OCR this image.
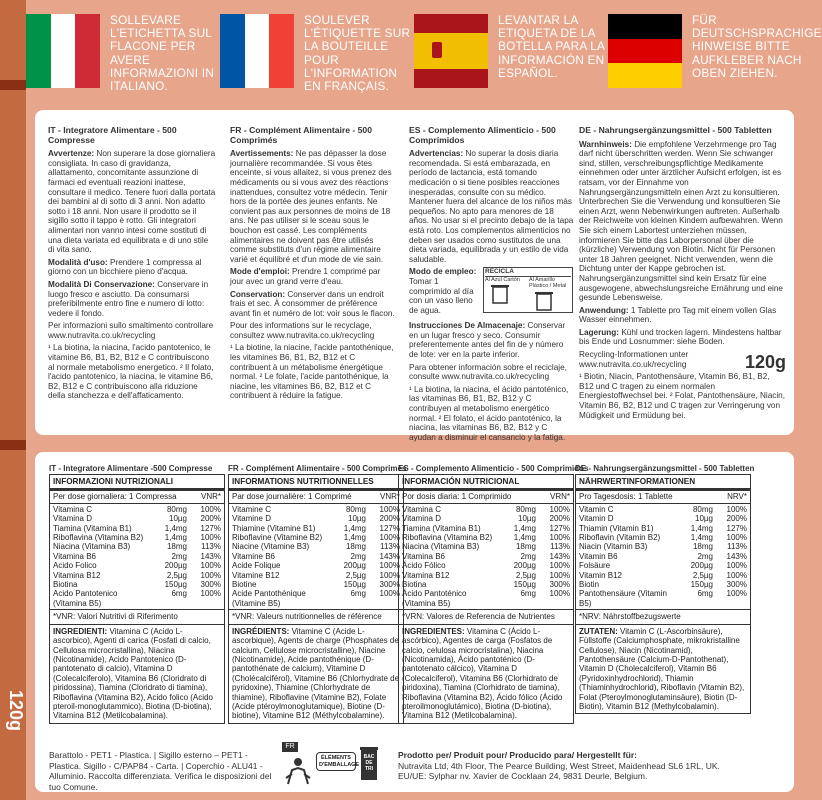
120g
SOLLEVARE L'ETICHETTA SUL FLACONE PER AVERE INFORMAZIONI IN ITALIANO.
SOULEVER L'ÉTIQUETTE SUR LA BOUTEILLE POUR L'INFORMATION EN FRANÇAIS.
LEVANTAR LA ETIQUETA DE LA BOTELLA PARA LA INFORMACIÓN EN ESPAÑOL.
FÜR DEUTSCHSPRACHIGE HINWEISE BITTE AUFKLEBER NACH OBEN ZIEHEN.

IT - Integratore Alimentare - 500 Compresse

Avvertenze: Non superare la dose giornaliera consigliata. In caso di gravidanza, allattamento, concomitante assunzione di farmaci ed eventuali reazioni inattese, consultare il medico. Tenere fuori dalla portata dei bambini al di sotto di 3 anni. Non adatto sotto i 18 anni. Non usare il prodotto se il sigillo sotto il tappo è rotto. Gli integratori alimentari non vanno intesi come sostituti di una dieta variata ed equilibrata e di uno stile di vita sano.

Modalità d'uso: Prendere 1 compressa al giorno con un bicchiere pieno d'acqua.

Modalità Di Conservazione: Conservare in luogo fresco e asciutto. Da consumarsi preferibilmente entro fine e numero di lotto: vedere il fondo.

Per informazioni sullo smaltimento controllare www.nutravita.co.uk/recycling

¹ La biotina, la niacina, l'acido pantotenico, le vitamine B6, B1, B2, B12 e C contribuiscono al normale metabolismo energetico. ² Il folato, l'acido pantotenico, la niacina, le vitamine B6, B2, B12 e C contribuiscono alla riduzione della stanchezza e dell'affaticamento.

FR - Complément Alimentaire - 500 Comprimés

Avertissements: Ne pas dépasser la dose journalière recommandée. Si vous êtes enceinte, si vous allaitez, si vous prenez des médicaments ou si vous avez des réactions inattendues, consultez votre médecin. Tenir hors de la portée des jeunes enfants. Ne convient pas aux personnes de moins de 18 ans. Ne pas utiliser si le sceau sous le bouchon est cassé. Les compléments alimentaires ne doivent pas être utilisés comme substituts d'un régime alimentaire varié et équilibré et d'un mode de vie sain.

Mode d'emploi: Prendre 1 comprimé par jour avec un grand verre d'eau.

Conservation: Conserver dans un endroit frais et sec. À consommer de préférence avant fin et numéro de lot: voir sous le flacon.

Pour des informations sur le recyclage, consultez www.nutravita.co.uk/recycling

¹ La biotine, la niacine, l'acide pantothénique, les vitamines B6, B1, B2, B12 et C contribuent à un métabolisme énergétique normal. ² Le folate, l'acide pantothénique, la niacine, les vitamines B6, B2, B12 et C contribuent à réduire la fatigue.

ES - Complemento Alimenticio - 500 Comprimidos

Advertencias: No superar la dosis diaria recomendada. Si está embarazada, en período de lactancia, está tomando medicación o si tiene posibles reacciones inesperadas, consulte con su médico. Mantener fuera del alcance de los niños más pequeños. No apto para menores de 18 años. No usar si el precinto debajo de la tapa está roto. Los complementos alimenticios no deben ser usados como sustitutos de una dieta variada, equilibrada y un estilo de vida saludable.

Modo de empleo: Tomar 1 comprimido al día con un vaso lleno de agua.

RECICLA
Al Azul Cartón	Al Amarillo Plástico / Metal

Instrucciones De Almacenaje: Conservar en un lugar fresco y seco. Consumir preferentemente antes del fin de y número de lote: ver en la parte inferior.

Para obtener información sobre el reciclaje, consulte www.nutravita.co.uk/recycling

¹ La biotina, la niacina, el ácido pantoténico, las vitaminas B6, B1, B2, B12 y C contribuyen al metabolismo energético normal. ² El folato, el ácido pantoténico, la niacina, las vitaminas B6, B2, B12 y C ayudan a disminuir el cansancio y la fatiga.

DE - Nahrungsergänzungsmittel - 500 Tabletten

Warnhinweis: Die empfohlene Verzehrmenge pro Tag darf nicht überschritten werden. Wenn Sie schwanger sind, stillen, verschreibungspflichtige Medikamente einnehmen oder unter ärztlicher Aufsicht erfolgen, ist es ratsam, vor der Einnahme von Nahrungsergänzungsmitteln einen Arzt zu konsultieren. Unterbrechen Sie die Verwendung und konsultieren Sie einen Arzt, wenn Nebenwirkungen auftreten. Außerhalb der Reichweite von kleinen Kindern aufbewahren. Wenn Sie sich einem Labortest unterziehen müssen, informieren Sie bitte das Laborpersonal über die (kürzliche) Verwendung von Biotin. Nicht für Personen unter 18 Jahren geeignet. Nicht verwenden, wenn die Dichtung unter der Kappe gebrochen ist. Nahrungsergänzungsmittel sind kein Ersatz für eine ausgewogene, abwechslungsreiche Ernährung und eine gesunde Lebensweise.

Anwendung: 1 Tablette pro Tag mit einem vollen Glas Wasser einnehmen.

Lagerung: Kühl und trocken lagern. Mindestens haltbar bis Ende und Losnummer: siehe Boden.

Recycling-Informationen unter www.nutravita.co.uk/recycling	120g

¹ Biotin, Niacin, Pantothensäure, Vitamin B6, B1, B2, B12 und C tragen zu einem normalen Energiestoffwechsel bei. ² Folat, Pantothensäure, Niacin, Vitamin B6, B2, B12 und C tragen zur Verringerung von Müdigkeit und Ermüdung bei.

IT - Integratore Alimentare -500 Compresse FR - Complément Alimentaire - 500 Comprimés
ES - Complemento Alimenticio - 500 Comprimidos
DE - Nahrungsergänzungsmittel - 500 Tabletten
INFORMAZIONI NUTRIZIONALI
Per dose giornaliera: 1 Compressa	VNR*
Vitamina C	80mg	100%
Vitamina D	10µg	200%
Tiamina (Vitamina B1)	1,4mg	127%
Riboflavina (Vitamina B2)	1,4mg	100%
Niacina (Vitamina B3)	18mg	113%
Vitamina B6	2mg	143%
Acido Folico	200µg	100%
Vitamina B12	2,5µg	100%
Biotina	150µg	300%
Acido Pantotenico (Vitamina B5)
6mg	100%
*VNR: Valori Nutritivi di Riferimento
INGREDIENTI: Vitamina C (Acido L-ascorbico), Agenti di carica (Fosfati di calcio, Cellulosa microcristallina), Niacina (Nicotinamide), Acido Pantotenico (D-pantotenato di calcio), Vitamina D (Colecalciferolo), Vitamina B6 (Cloridrato di piridossina), Tiamina (Cloridrato di tiamina), Riboflavina (Vitamina B2), Acido folico (Acido pteroil-monoglutammico), Biotina (D-biotina), Vitamina B12 (Metilcobalamina).
INFORMATIONS NUTRITIONNELLES
Par dose journalière: 1 Comprimé	VNR*
Vitamine C	80mg	100%
Vitamine D	10µg	200%
Thiamine (Vitamine B1)	1,4mg	127%
Riboflavine (Vitamine B2)	1,4mg	100%
Niacine (Vitamine B3)	18mg	113%
Vitamine B6	2mg	143%
Acide Folique	200µg	100%
Vitamine B12	2,5µg	100%
Biotine	150µg	300%
Acide Pantothénique (Vitamine B5)
6mg	100%
*VNR: Valeurs nutritionnelles de référence
INGRÉDIENTS: Vitamine C (Acide L-ascorbique), Agents de charge (Phosphates de calcium, Cellulose microcristalline), Niacine (Nicotinamide), Acide pantothénique (D-pantothénate de calcium), Vitamine D (Cholécalciférol), Vitamine B6 (Chlorhydrate de pyridoxine), Thiamine (Chlorhydrate de thiamine), Riboflavine (Vitamine B2), Folate (Acide ptéroylmonoglutamique), Biotine (D-biotine), Vitamine B12 (Méthylcobalamine).
INFORMACIÓN NUTRICIONAL
Por dosis diaria: 1 Comprimido	VRN*
Vitamina C	80mg	100%
Vitamina D	10µg	200%
Tiamina (Vitamina B1)	1,4mg	127%
Riboflavina (Vitamina B2)	1,4mg	100%
Niacina (Vitamina B3)	18mg	113%
Vitamina B6	2mg	143%
Ácido Fólico	200µg	100%
Vitamina B12	2,5µg	100%
Biotina	150µg	300%
Ácido Pantoténico (Vitamina B5)
6mg	100%
*VRN: Valores de Referencia de Nutrientes
INGREDIENTES: Vitamina C (Ácido L-ascórbico), Agentes de carga (Fosfatos de calcio, celulosa microcristalina), Niacina (Nicotinamida), Ácido pantoténico (D-pantotenato cálcico), Vitamina D (Colecalciferol), Vitamina B6 (Clorhidrato de piridoxina), Tiamina (Clorhidrato de tiamina), Riboflavina (Vitamina B2), Ácido fólico (Ácido pteroilmonoglutámico), Biotina (D-biotina), Vitamina B12 (Metilcobalamina).
NÄHRWERTINFORMATIONEN
Pro Tagesdosis: 1 Tablette	NRV*
Vitamin C	80mg	100%
Vitamin D	10µg	200%
Thiamin (Vitamin B1)	1,4mg	127%
Riboflavin (Vitamin B2)	1,4mg	100%
Niacin (Vitamin B3)	18mg	113%
Vitamin B6	2mg	143%
Folsäure	200µg	100%
Vitamin B12	2,5µg	100%
Biotin	150µg	300%
Pantothensäure (Vitamin B5)
6mg	100%
*NRV: Nährstoffbezugswerte
ZUTATEN: Vitamin C (L-Ascorbinsäure), Füllstoffe (Calciumphosphate, mikrokristalline Cellulose), Niacin (Nicotinamid), Pantothensäure (Calcium-D-Pantothenat), Vitamin D (Cholecalciferol), Vitamin B6 (Pyridoxinhydrochlorid), Thiamin (Thiaminhydrochlorid), Riboflavin (Vitamin B2), Folat (Pteroylmonoglutaminsäure), Biotin (D-Biotin), Vitamin B12 (Methylcobalamin).
Barattolo - PET1 - Plastica. | Sigillo esterno – PET1 - Plastica. Sigillo - C/PAP84 - Carta. | Coperchio - ALU41 - Alluminio. Raccolta differenziata. Verifica le disposizioni del tuo Comune.
FR
ÉLÉMENTS D'EMBALLAGE
BAC DE TRI
Prodotto per/ Produit pour/ Producido para/ Hergestellt für:
Nutravita Ltd, 4th Floor, The Pearce Building, West Street, Maidenhead SL6 1RL, UK.
EU/UE: Sylphar nv. Xavier de Cocklaan 24, 9831 Deurle, Belgium.
